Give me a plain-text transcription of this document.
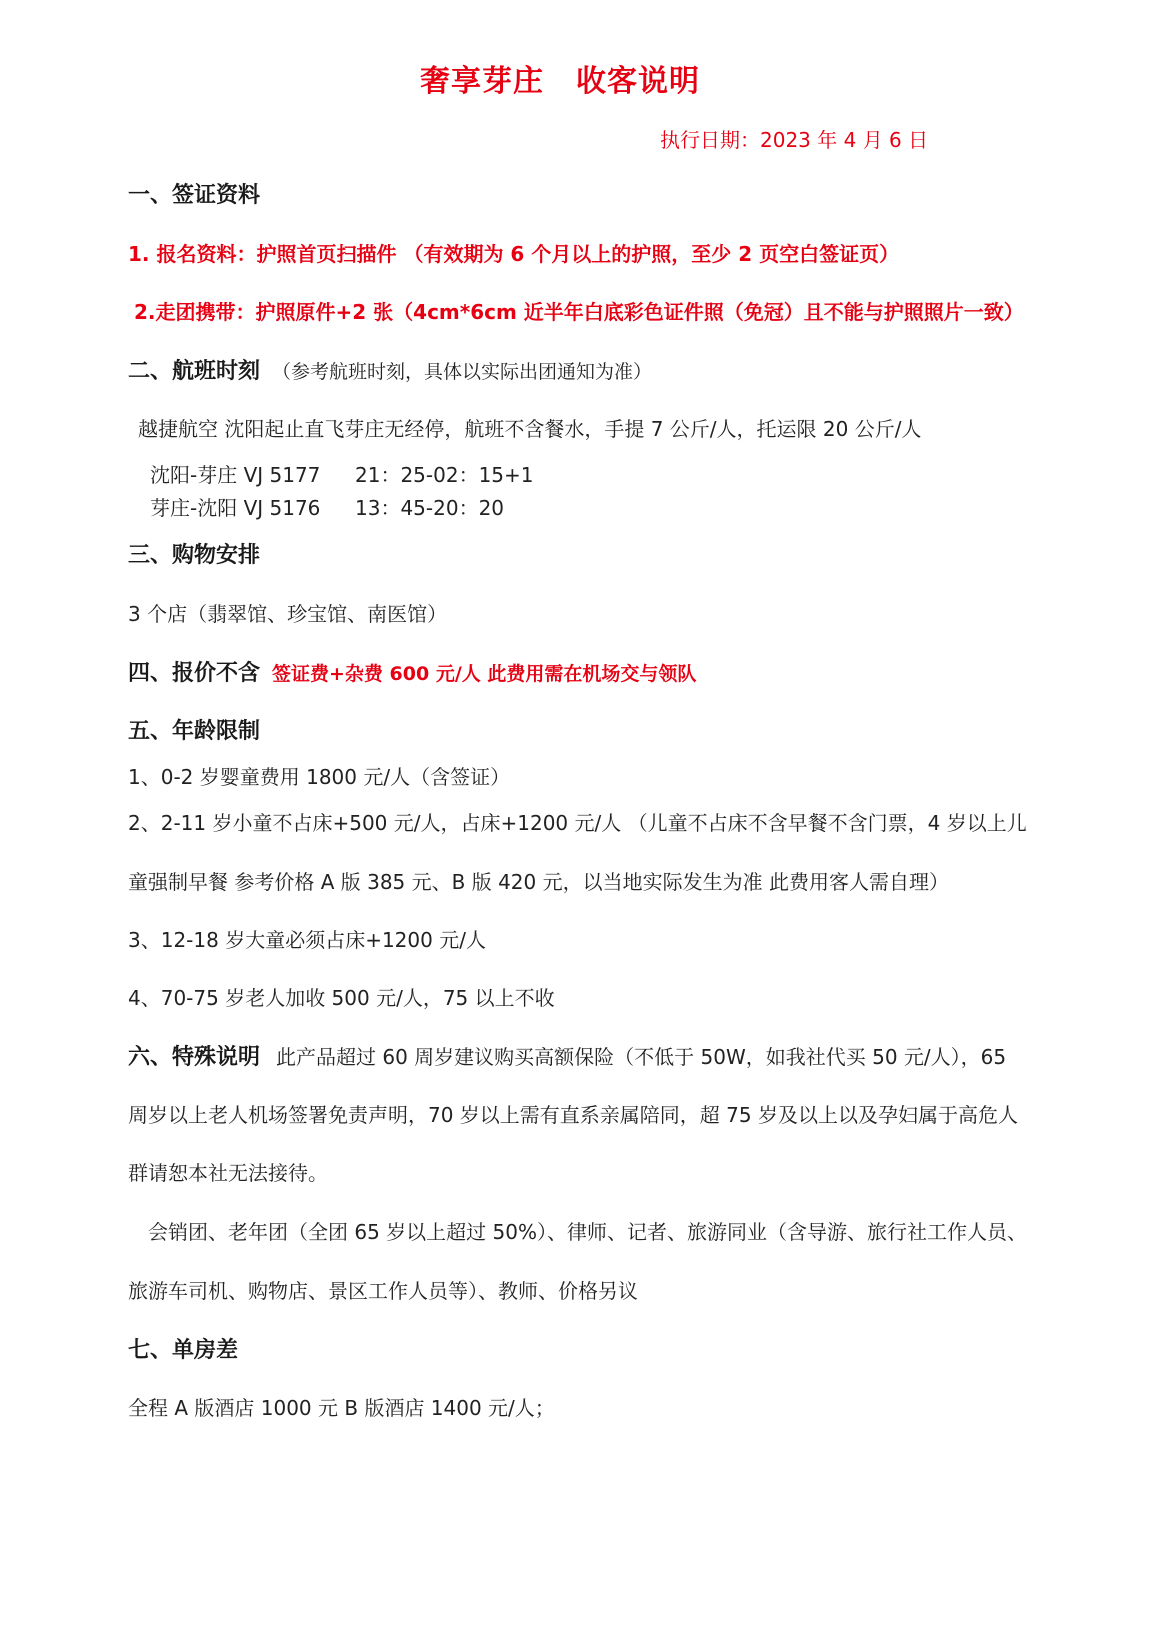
奢享芽庄 收客说明
执行日期：2023 年 4 月 6 日
一、签证资料
1. 报名资料：护照首页扫描件 （有效期为 6 个月以上的护照，至少 2 页空白签证页）
2.走团携带：护照原件+2 张（4cm*6cm 近半年白底彩色证件照（免冠）且不能与护照照片一致）
二、航班时刻 （参考航班时刻，具体以实际出团通知为准）
越捷航空 沈阳起止直飞芽庄无经停，航班不含餐水，手提 7 公斤/人，托运限 20 公斤/人
沈阳-芽庄 VJ 5177 21：25-02：15+1
芽庄-沈阳 VJ 5176 13：45-20：20
三、购物安排
3 个店（翡翠馆、珍宝馆、南医馆）
四、报价不含 签证费+杂费 600 元/人 此费用需在机场交与领队
五、年龄限制
1、0-2 岁婴童费用 1800 元/人（含签证）
2、2-11 岁小童不占床+500 元/人，占床+1200 元/人 （儿童不占床不含早餐不含门票，4 岁以上儿
童强制早餐 参考价格 A 版 385 元、B 版 420 元，以当地实际发生为准 此费用客人需自理）
3、12-18 岁大童必须占床+1200 元/人
4、70-75 岁老人加收 500 元/人，75 以上不收
六、特殊说明 此产品超过 60 周岁建议购买高额保险（不低于 50W，如我社代买 50 元/人），65
周岁以上老人机场签署免责声明，70 岁以上需有直系亲属陪同，超 75 岁及以上以及孕妇属于高危人
群请恕本社无法接待。
会销团、老年团（全团 65 岁以上超过 50%）、律师、记者、旅游同业（含导游、旅行社工作人员、
旅游车司机、购物店、景区工作人员等）、教师、价格另议
七、单房差
全程 A 版酒店 1000 元 B 版酒店 1400 元/人；
